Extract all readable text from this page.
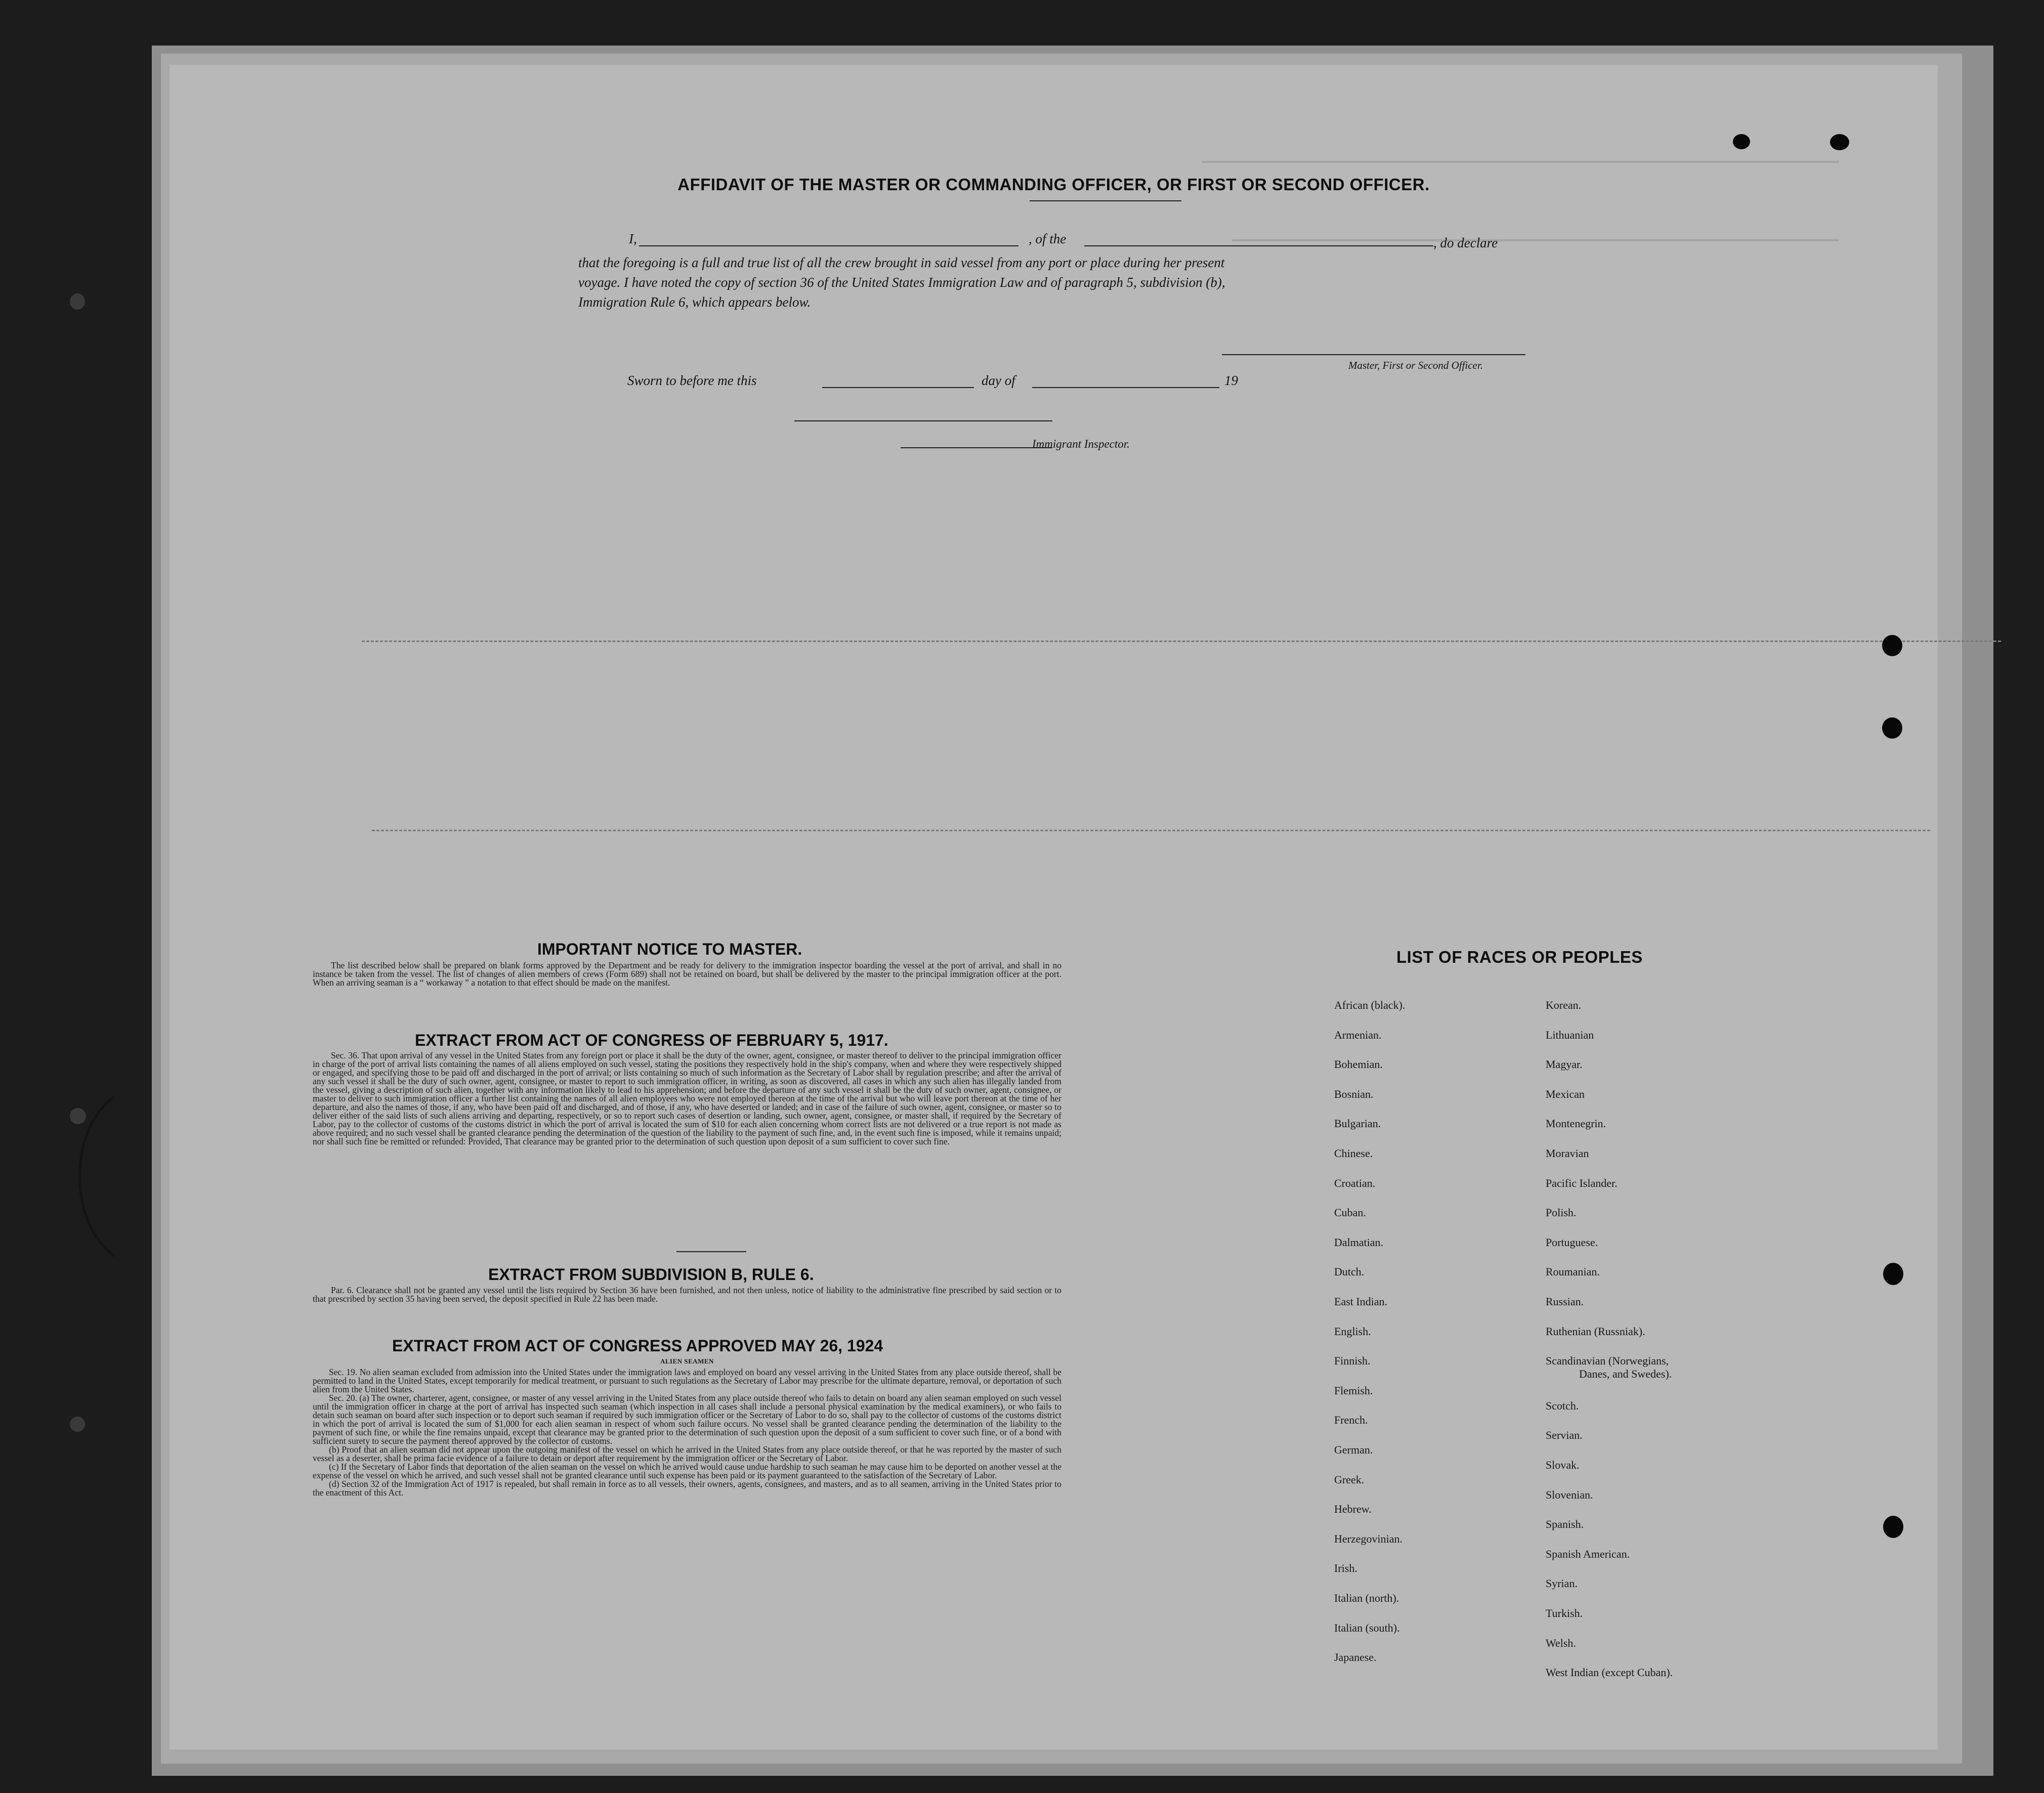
AFFIDAVIT OF THE MASTER OR COMMANDING OFFICER, OR FIRST OR SECOND OFFICER.
I,	, of the	, do declare
that the foregoing is a full and true list of all the crew brought in said vessel from any port or place during her present
voyage. I have noted the copy of section 36 of the United States Immigration Law and of paragraph 5, subdivision (b),
Immigration Rule 6, which appears below.
Master, First or Second Officer.
Sworn to before me this	day of	19
Immigrant Inspector.
IMPORTANT NOTICE TO MASTER.
The list described below shall be prepared on blank forms approved by the Department and be ready for delivery to the immigration inspector boarding the vessel at the port of arrival, and shall in no instance be taken from the vessel. The list of changes of alien members of crews (Form 689) shall not be retained on board, but shall be delivered by the master to the principal immigration officer at the port. When an arriving seaman is a “ workaway ” a notation to that effect should be made on the manifest.
EXTRACT FROM ACT OF CONGRESS OF FEBRUARY 5, 1917.
Sec. 36. That upon arrival of any vessel in the United States from any foreign port or place it shall be the duty of the owner, agent, consignee, or master thereof to deliver to the principal immigration officer in charge of the port of arrival lists containing the names of all aliens employed on such vessel, stating the positions they respectively hold in the ship's company, when and where they were respectively shipped or engaged, and specifying those to be paid off and discharged in the port of arrival; or lists containing so much of such information as the Secretary of Labor shall by regulation prescribe; and after the arrival of any such vessel it shall be the duty of such owner, agent, consignee, or master to report to such immigration officer, in writing, as soon as discovered, all cases in which any such alien has illegally landed from the vessel, giving a description of such alien, together with any information likely to lead to his apprehension; and before the departure of any such vessel it shall be the duty of such owner, agent, consignee, or master to deliver to such immigration officer a further list containing the names of all alien employees who were not employed thereon at the time of the arrival but who will leave port thereon at the time of her departure, and also the names of those, if any, who have been paid off and discharged, and of those, if any, who have deserted or landed; and in case of the failure of such owner, agent, consignee, or master so to deliver either of the said lists of such aliens arriving and departing, respectively, or so to report such cases of desertion or landing, such owner, agent, consignee, or master shall, if required by the Secretary of Labor, pay to the collector of customs of the customs district in which the port of arrival is located the sum of $10 for each alien concerning whom correct lists are not delivered or a true report is not made as above required; and no such vessel shall be granted clearance pending the determination of the question of the liability to the payment of such fine, and, in the event such fine is imposed, while it remains unpaid; nor shall such fine be remitted or refunded: Provided, That clearance may be granted prior to the determination of such question upon deposit of a sum sufficient to cover such fine.
EXTRACT FROM SUBDIVISION B, RULE 6.
Par. 6. Clearance shall not be granted any vessel until the lists required by Section 36 have been furnished, and not then unless, notice of liability to the administrative fine prescribed by said section or to that prescribed by section 35 having been served, the deposit specified in Rule 22 has been made.
EXTRACT FROM ACT OF CONGRESS APPROVED MAY 26, 1924
ALIEN SEAMEN

Sec. 19. No alien seaman excluded from admission into the United States under the immigration laws and employed on board any vessel arriving in the United States from any place outside thereof, shall be permitted to land in the United States, except temporarily for medical treatment, or pursuant to such regulations as the Secretary of Labor may prescribe for the ultimate departure, removal, or deportation of such alien from the United States.

Sec. 20. (a) The owner, charterer, agent, consignee, or master of any vessel arriving in the United States from any place outside thereof who fails to detain on board any alien seaman employed on such vessel until the immigration officer in charge at the port of arrival has inspected such seaman (which inspection in all cases shall include a personal physical examination by the medical examiners), or who fails to detain such seaman on board after such inspection or to deport such seaman if required by such immigration officer or the Secretary of Labor to do so, shall pay to the collector of customs of the customs district in which the port of arrival is located the sum of $1,000 for each alien seaman in respect of whom such failure occurs. No vessel shall be granted clearance pending the determination of the liability to the payment of such fine, or while the fine remains unpaid, except that clearance may be granted prior to the determination of such question upon the deposit of a sum sufficient to cover such fine, or of a bond with sufficient surety to secure the payment thereof approved by the collector of customs.

(b) Proof that an alien seaman did not appear upon the outgoing manifest of the vessel on which he arrived in the United States from any place outside thereof, or that he was reported by the master of such vessel as a deserter, shall be prima facie evidence of a failure to detain or deport after requirement by the immigration officer or the Secretary of Labor.

(c) If the Secretary of Labor finds that deportation of the alien seaman on the vessel on which he arrived would cause undue hardship to such seaman he may cause him to be deported on another vessel at the expense of the vessel on which he arrived, and such vessel shall not be granted clearance until such expense has been paid or its payment guaranteed to the satisfaction of the Secretary of Labor.

(d) Section 32 of the Immigration Act of 1917 is repealed, but shall remain in force as to all vessels, their owners, agents, consignees, and masters, and as to all seamen, arriving in the United States prior to the enactment of this Act.

LIST OF RACES OR PEOPLES
African (black).
Armenian.
Bohemian.
Bosnian.
Bulgarian.
Chinese.
Croatian.
Cuban.
Dalmatian.
Dutch.
East Indian.
English.
Finnish.
Flemish.
French.
German.
Greek.
Hebrew.
Herzegovinian.
Irish.
Italian (north).
Italian (south).
Japanese.
Korean.
Lithuanian
Magyar.
Mexican
Montenegrin.
Moravian
Pacific Islander.
Polish.
Portuguese.
Roumanian.
Russian.
Ruthenian (Russniak).
Scandinavian (Norwegians,
Danes, and Swedes).
Scotch.
Servian.
Slovak.
Slovenian.
Spanish.
Spanish American.
Syrian.
Turkish.
Welsh.
West Indian (except Cuban).
